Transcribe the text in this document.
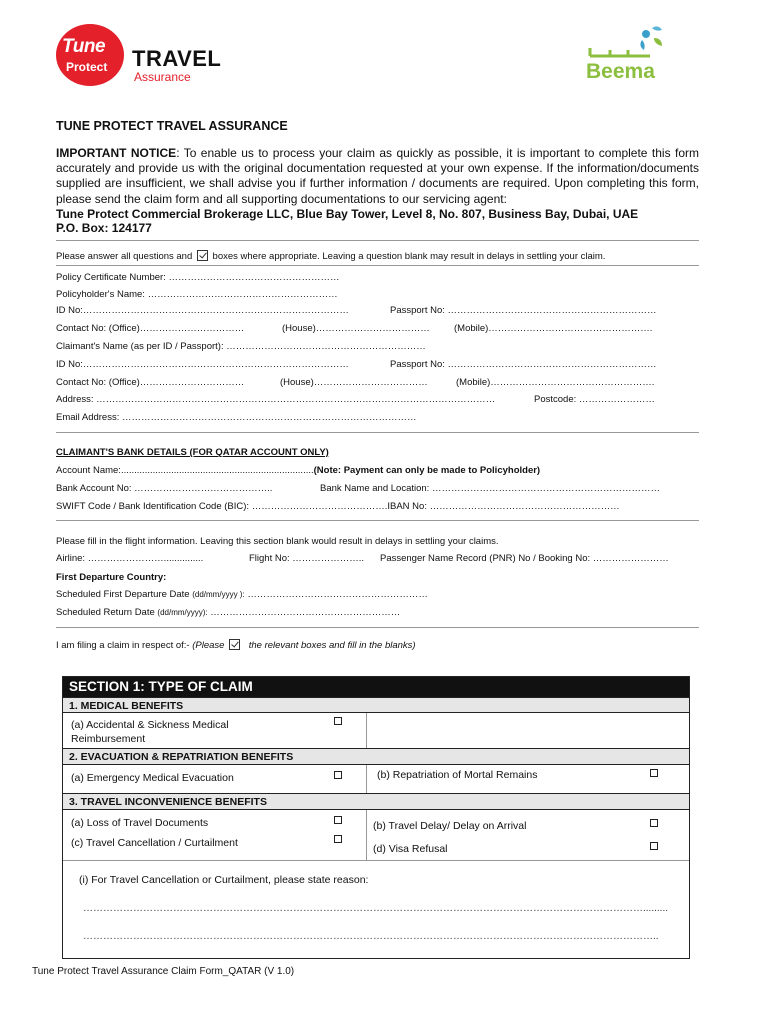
Tune
Protect TRAVEL
Assurance	Beema
TUNE PROTECT TRAVEL ASSURANCE
IMPORTANT NOTICE: To enable us to process your claim as quickly as possible, it is important to complete this form accurately and provide us with the original documentation requested at your own expense. If the information/documents supplied are insufficient, we shall advise you if further information / documents are required. Upon completing this form, please send the claim form and all supporting documentations to our servicing agent:
Tune Protect Commercial Brokerage LLC, Blue Bay Tower, Level 8, No. 807, Business Bay, Dubai, UAE
P.O. Box: 124177
Please answer all questions and boxes where appropriate. Leaving a question blank may result in delays in settling your claim.
Policy Certificate Number: ………………………………………………
Policyholder's Name: ……………………………………………………
ID No:…………………………………………………………………………	Passport No: …………………………………………………………
Contact No: (Office)……………………………	(House)………………………………	(Mobile)…………………………………………….
Claimant's Name (as per ID / Passport): ………………………………………………………
ID No:…………………………………………………………………………	Passport No: …………………………………………………………
Contact No: (Office)……………………………	(House)………………………………	(Mobile)…………………………………………….
Address: ………………………………………………………………………………………………………………	Postcode: ……………………
Email Address: …………………………………………………………………………………
CLAIMANT'S BANK DETAILS (FOR QATAR ACCOUNT ONLY)
Account Name:.........................................................................(Note: Payment can only be made to Policyholder)
Bank Account No: ……………………………………..	Bank Name and Location: ………………………………………………………………
SWIFT Code / Bank Identification Code (BIC): …………………………………….IBAN No: ……………………………………………………
Please fill in the flight information. Leaving this section blank would result in delays in settling your claims.
Airline: ……………………...............	Flight No: ………………….. Passenger Name Record (PNR) No / Booking No: ……………………
First Departure Country:
Scheduled First Departure Date (dd/mm/yyyy ): …………………………………………………
Scheduled Return Date (dd/mm/yyyy): ……………………………………………………
I am filing a claim in respect of:- (Please	the relevant boxes and fill in the blanks)
SECTION 1: TYPE OF CLAIM
1. MEDICAL BENEFITS
(a) Accidental & Sickness Medical
Reimbursement
2. EVACUATION & REPATRIATION BENEFITS
(a) Emergency Medical Evacuation	(b) Repatriation of Mortal Remains
3. TRAVEL INCONVENIENCE BENEFITS
(a) Loss of Travel Documents	(b) Travel Delay/ Delay on Arrival
(c) Travel Cancellation / Curtailment	(d) Visa Refusal
(i) For Travel Cancellation or Curtailment, please state reason:
…………………………………………………………………………………………………………………………………………………….........
………………………………………………………………………………………………………………………………………………………..
Tune Protect Travel Assurance Claim Form_QATAR (V 1.0)
